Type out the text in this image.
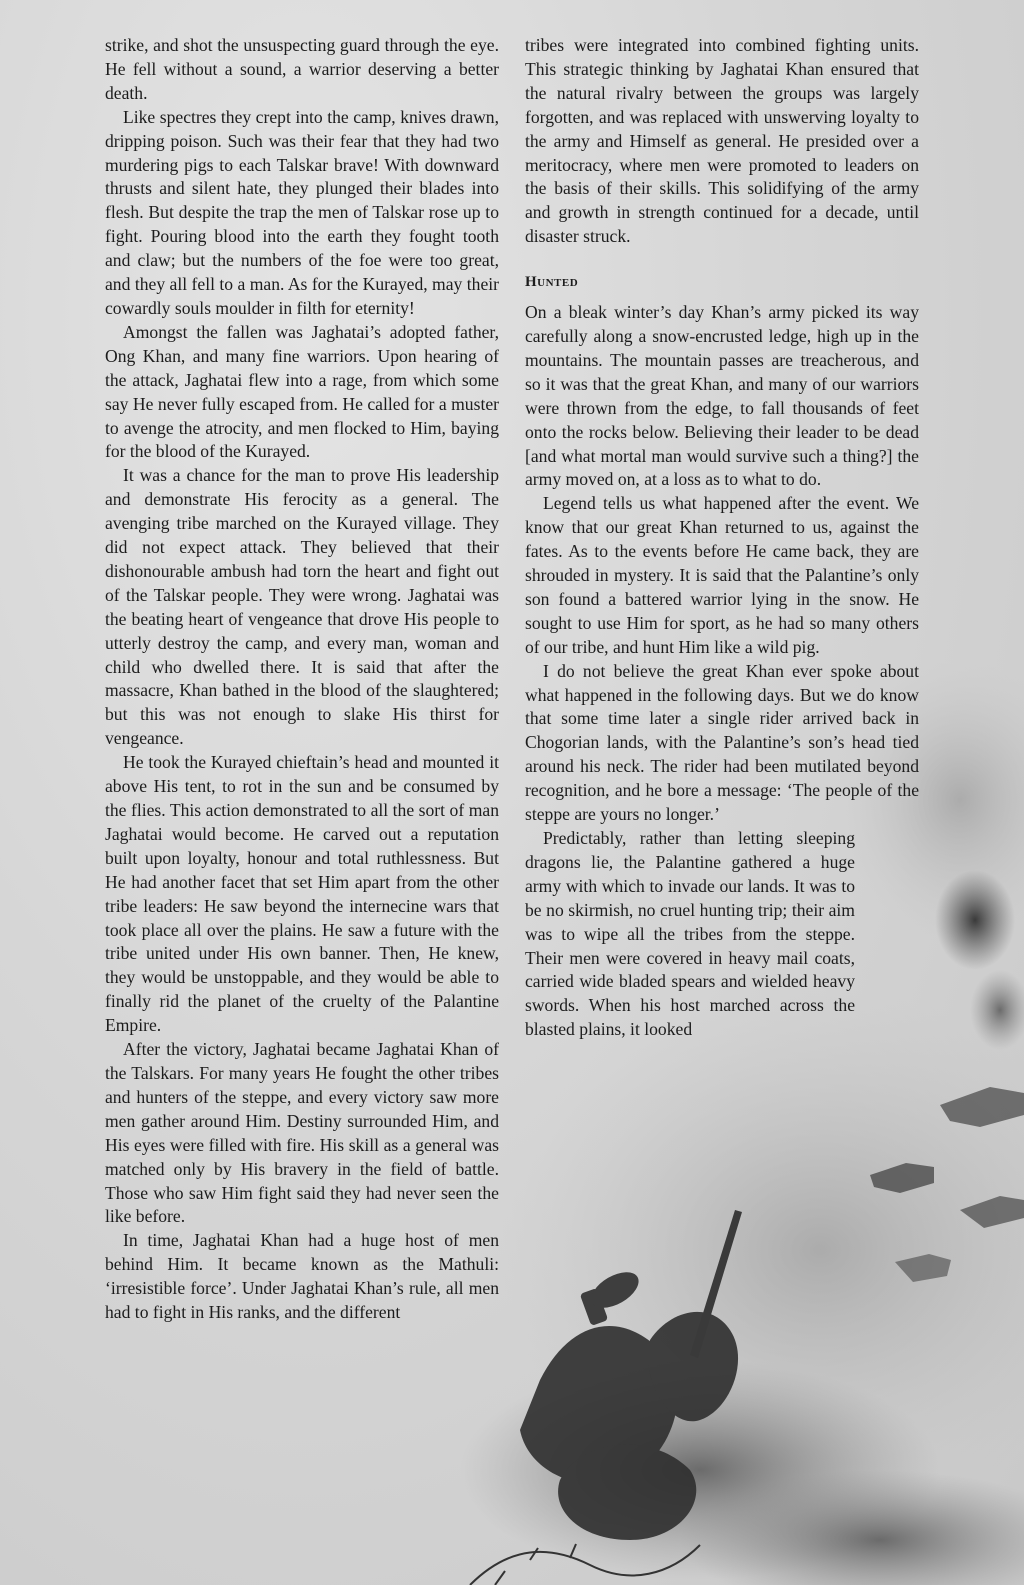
strike, and shot the unsuspecting guard through the eye. He fell without a sound, a warrior deserving a better death.

Like spectres they crept into the camp, knives drawn, dripping poison. Such was their fear that they had two murdering pigs to each Talskar brave! With downward thrusts and silent hate, they plunged their blades into flesh. But despite the trap the men of Talskar rose up to fight. Pouring blood into the earth they fought tooth and claw; but the numbers of the foe were too great, and they all fell to a man. As for the Kurayed, may their cowardly souls moulder in filth for eternity!

Amongst the fallen was Jaghatai’s adopted father, Ong Khan, and many fine warriors. Upon hearing of the attack, Jaghatai flew into a rage, from which some say He never fully escaped from. He called for a muster to avenge the atrocity, and men flocked to Him, baying for the blood of the Kurayed.

It was a chance for the man to prove His leadership and demonstrate His ferocity as a general. The avenging tribe marched on the Kurayed village. They did not expect attack. They believed that their dishonourable ambush had torn the heart and fight out of the Talskar people. They were wrong. Jaghatai was the beating heart of vengeance that drove His people to utterly destroy the camp, and every man, woman and child who dwelled there. It is said that after the massacre, Khan bathed in the blood of the slaughtered; but this was not enough to slake His thirst for vengeance.

He took the Kurayed chieftain’s head and mounted it above His tent, to rot in the sun and be consumed by the flies. This action demonstrated to all the sort of man Jaghatai would become. He carved out a reputation built upon loyalty, honour and total ruthlessness. But He had another facet that set Him apart from the other tribe leaders: He saw beyond the internecine wars that took place all over the plains. He saw a future with the tribe united under His own banner. Then, He knew, they would be unstoppable, and they would be able to finally rid the planet of the cruelty of the Palantine Empire.

After the victory, Jaghatai became Jaghatai Khan of the Talskars. For many years He fought the other tribes and hunters of the steppe, and every victory saw more men gather around Him. Destiny surrounded Him, and His eyes were filled with fire. His skill as a general was matched only by His bravery in the field of battle. Those who saw Him fight said they had never seen the like before.

In time, Jaghatai Khan had a huge host of men behind Him. It became known as the Mathuli: ‘irresistible force’. Under Jaghatai Khan’s rule, all men had to fight in His ranks, and the different

tribes were integrated into combined fighting units. This strategic thinking by Jaghatai Khan ensured that the natural rivalry between the groups was largely forgotten, and was replaced with unswerving loyalty to the army and Himself as general. He presided over a meritocracy, where men were promoted to leaders on the basis of their skills. This solidifying of the army and growth in strength continued for a decade, until disaster struck.

Hunted

On a bleak winter’s day Khan’s army picked its way carefully along a snow-encrusted ledge, high up in the mountains. The mountain passes are treacherous, and so it was that the great Khan, and many of our warriors were thrown from the edge, to fall thousands of feet onto the rocks below. Believing their leader to be dead [and what mortal man would survive such a thing?] the army moved on, at a loss as to what to do.

Legend tells us what happened after the event. We know that our great Khan returned to us, against the fates. As to the events before He came back, they are shrouded in mystery. It is said that the Palantine’s only son found a battered warrior lying in the snow. He sought to use Him for sport, as he had so many others of our tribe, and hunt Him like a wild pig.

I do not believe the great Khan ever spoke about what happened in the following days. But we do know that some time later a single rider arrived back in Chogorian lands, with the Palantine’s son’s head tied around his neck. The rider had been mutilated beyond recognition, and he bore a message: ‘The people of the steppe are yours no longer.’

Predictably, rather than letting sleeping dragons lie, the Palantine gathered a huge army with which to invade our lands. It was to be no skirmish, no cruel hunting trip; their aim was to wipe all the tribes from the steppe. Their men were covered in heavy mail coats, carried wide bladed spears and wielded heavy swords. When his host marched across the blasted plains, it looked
